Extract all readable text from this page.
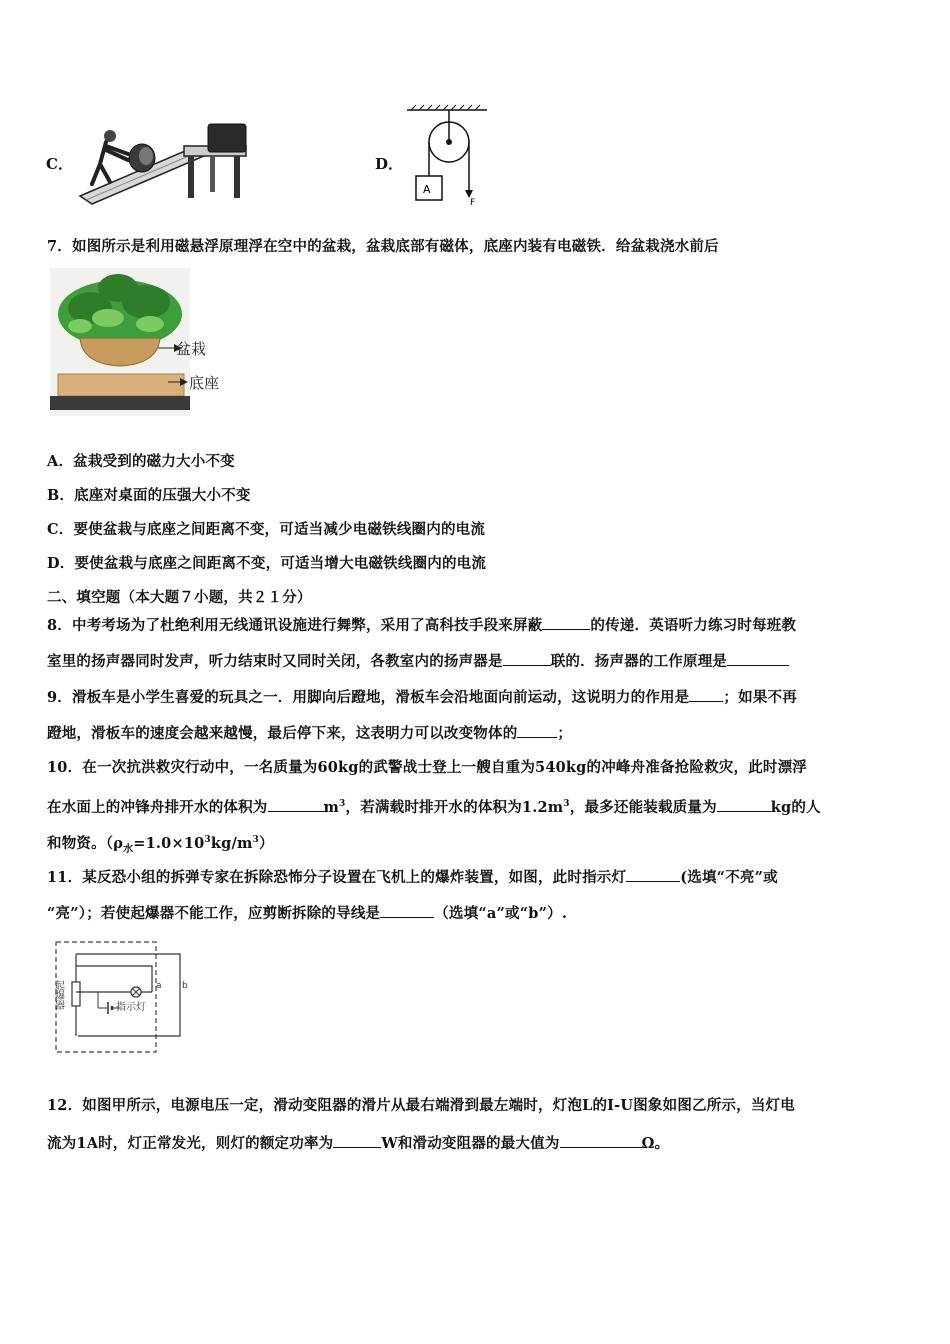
C．	D．
F
A
7．如图所示是利用磁悬浮原理浮在空中的盆栽，盆栽底部有磁体，底座内装有电磁铁．给盆栽浇水前后
盆栽
底座
A．盆栽受到的磁力大小不变
B．底座对桌面的压强大小不变
C．要使盆栽与底座之间距离不变，可适当减少电磁铁线圈内的电流
D．要使盆栽与底座之间距离不变，可适当增大电磁铁线圈内的电流
二、填空题（本大题７小题，共２１分）
8．中考考场为了杜绝利用无线通讯设施进行舞弊，采用了高科技手段来屏蔽	的传递．英语听力练习时每班教
室里的扬声器同时发声，听力结束时又同时关闭，各教室内的扬声器是	联的．扬声器的工作原理是
9．滑板车是小学生喜爱的玩具之一．用脚向后蹬地，滑板车会沿地面向前运动，这说明力的作用是 ；如果不再
蹬地，滑板车的速度会越来越慢，最后停下来，这表明力可以改变物体的	；
10．在一次抗洪救灾行动中，一名质量为60kg的武警战士登上一艘自重为540kg的冲峰舟准备抢险救灾，此时漂浮
在水面上的冲锋舟排开水的体积为	$m^3$，若满载时排开水的体积为$1.2m^3$，最多还能装载质量为	kg的人
和物资。$(\rho_水=1.0\times 10^3kg/m^3)$
11．某反恐小组的拆弹专家在拆除恐怖分子设置在飞机上的爆炸装置，如图，此时指示灯	(选填“不亮”或
“亮”）；若使起爆器不能工作，应剪断拆除的导线是	（选填“a”或“b”）.
a b
指示灯
起爆器
12．如图甲所示，电源电压一定，滑动变阻器的滑片从最右端滑到最左端时，灯泡L的I-U图象如图乙所示，当灯电
流为1A时，灯正常发光，则灯的额定功率为	W和滑动变阻器的最大值为	Ω。
